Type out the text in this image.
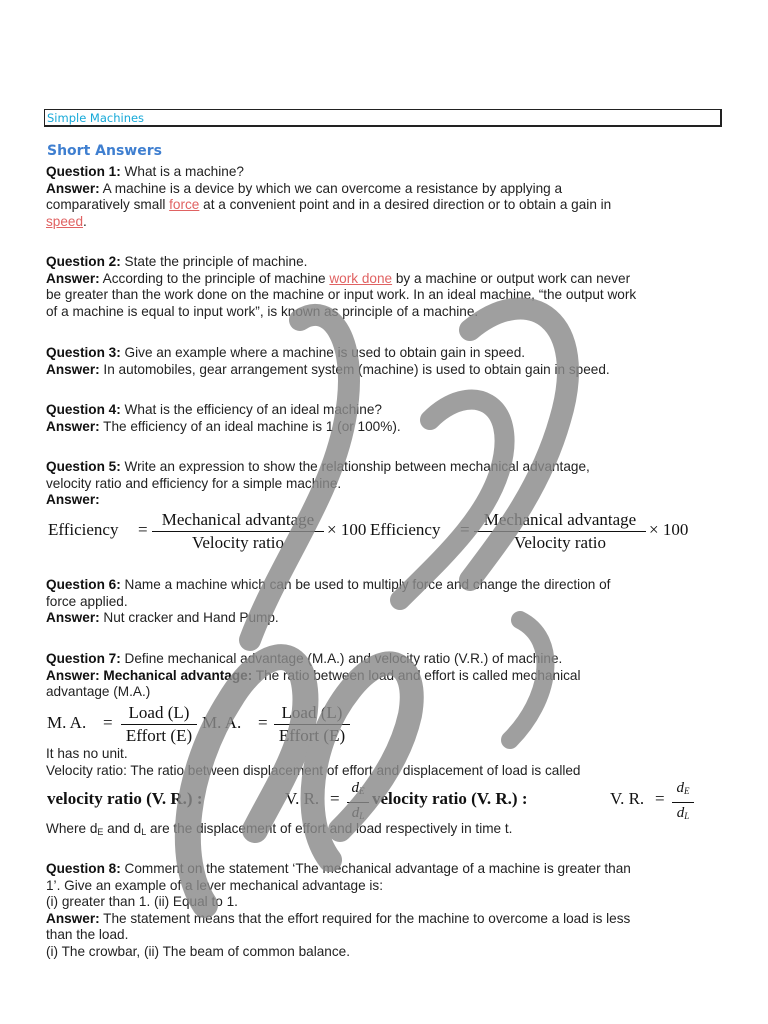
Simple Machines
Short Answers
Question 1: What is a machine?
Answer: A machine is a device by which we can overcome a resistance by applying a
comparatively small force at a convenient point and in a desired direction or to obtain a gain in
speed.
Question 2: State the principle of machine.
Answer: According to the principle of machine work done by a machine or output work can never
be greater than the work done on the machine or input work. In an ideal machine, “the output work
of a machine is equal to input work”, is known as principle of a machine.
Question 3: Give an example where a machine is used to obtain gain in speed.
Answer: In automobiles, gear arrangement system (machine) is used to obtain gain in speed.
Question 4: What is the efficiency of an ideal machine?
Answer: The efficiency of an ideal machine is 1 (or 100%).
Question 5: Write an expression to show the relationship between mechanical advantage,
velocity ratio and efficiency for a simple machine.
Answer:
Efficiency =
Mechanical advantage
Velocity ratio
× 100 Efficiency =
Mechanical advantage
Velocity ratio
× 100
Question 6: Name a machine which can be used to multiply force and change the direction of
force applied.
Answer: Nut cracker and Hand Pump.
Question 7: Define mechanical advantage (M.A.) and velocity ratio (V.R.) of machine.
Answer: Mechanical advantage: The ratio between load and effort is called mechanical
advantage (M.A.)
M. A. =
Load (L)
Effort (E)
M. A. =
Load (L)
Effort (E)
It has no unit.
Velocity ratio: The ratio between displacement of effort and displacement of load is called
velocity ratio (V. R.) :	V. R. = $\frac{d_E}{d_L}$ velocity ratio (V. R.) :	V. R. = $\frac{d_E}{d_L}$
Where $d_E$ and $d_L$ are the displacement of effort and load respectively in time t.
Question 8: Comment on the statement ‘The mechanical advantage of a machine is greater than
1’. Give an example of a lever mechanical advantage is:
(i) greater than 1. (ii) Equal to 1.
Answer: The statement means that the effort required for the machine to overcome a load is less
than the load.
(i) The crowbar, (ii) The beam of common balance.
